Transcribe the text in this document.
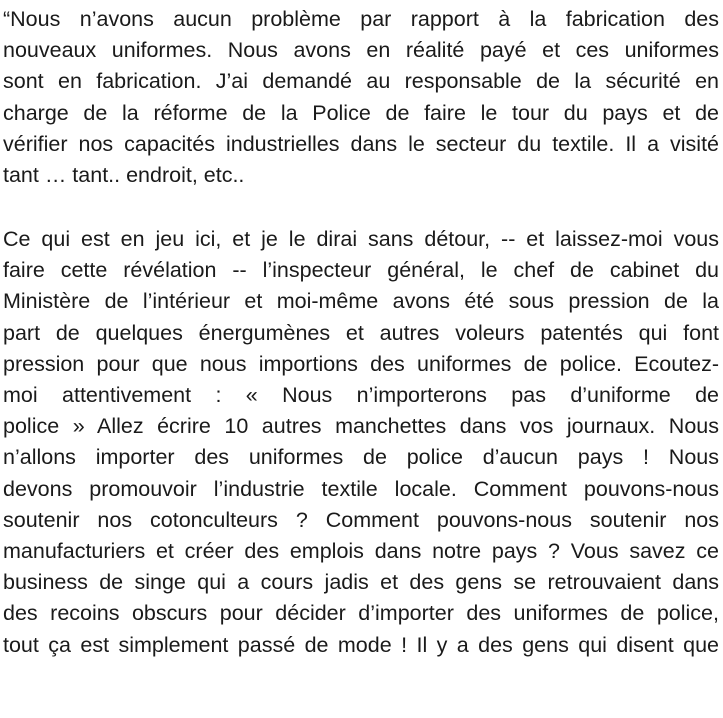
“Nous n’avons aucun problème par rapport à la fabrication des
nouveaux uniformes. Nous avons en réalité payé et ces uniformes
sont en fabrication. J’ai demandé au responsable de la sécurité en
charge de la réforme de la Police de faire le tour du pays et de
vérifier nos capacités industrielles dans le secteur du textile. Il a visité
tant … tant.. endroit, etc..

Ce qui est en jeu ici, et je le dirai sans détour, -- et laissez-moi vous
faire cette révélation -- l’inspecteur général, le chef de cabinet du
Ministère de l’intérieur et moi-même avons été sous pression de la
part de quelques énergumènes et autres voleurs patentés qui font
pression pour que nous importions des uniformes de police. Ecoutez-
moi attentivement : « Nous n’importerons pas d’uniforme de
police » Allez écrire 10 autres manchettes dans vos journaux. Nous
n’allons importer des uniformes de police d’aucun pays ! Nous
devons promouvoir l’industrie textile locale. Comment pouvons-nous
soutenir nos cotonculteurs ? Comment pouvons-nous soutenir nos
manufacturiers et créer des emplois dans notre pays ? Vous savez ce
business de singe qui a cours jadis et des gens se retrouvaient dans
des recoins obscurs pour décider d’importer des uniformes de police,
tout ça est simplement passé de mode ! Il y a des gens qui disent que
